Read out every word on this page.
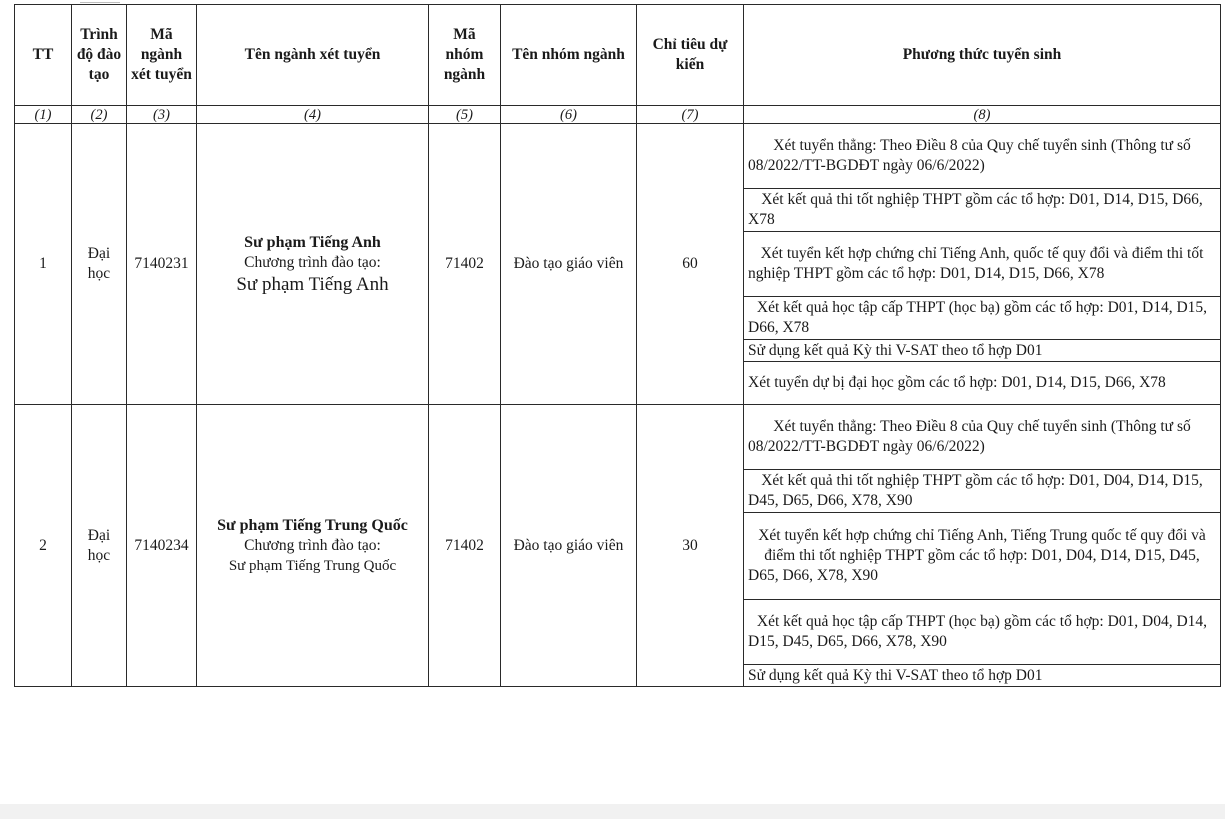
TT	Trình độ đào tạo	Mã ngành xét tuyển	Tên ngành xét tuyển	Mã nhóm ngành	Tên nhóm ngành	Chỉ tiêu dự kiến	Phương thức tuyển sinh
(1)	(2)	(3)	(4)	(5)	(6)	(7)	(8)
1	Đại học	7140231	Sư phạm Tiếng Anh
Chương trình đào tạo:
Sư phạm Tiếng Anh	71402	Đào tạo giáo viên	60	Xét tuyển thẳng: Theo Điều 8 của Quy chế tuyển sinh (Thông tư số 08/2022/TT-BGDĐT ngày 06/6/2022)
							Xét kết quả thi tốt nghiệp THPT gồm các tổ hợp: D01, D14, D15, D66, X78
							Xét tuyển kết hợp chứng chỉ Tiếng Anh, quốc tế quy đổi và điểm thi tốt nghiệp THPT gồm các tổ hợp: D01, D14, D15, D66, X78
							Xét kết quả học tập cấp THPT (học bạ) gồm các tổ hợp: D01, D14, D15, D66, X78
							Sử dụng kết quả Kỳ thi V-SAT theo tổ hợp D01
							Xét tuyển dự bị đại học gồm các tổ hợp: D01, D14, D15, D66, X78
2	Đại học	7140234	Sư phạm Tiếng Trung Quốc
Chương trình đào tạo:
Sư phạm Tiếng Trung Quốc	71402	Đào tạo giáo viên	30	Xét tuyển thẳng: Theo Điều 8 của Quy chế tuyển sinh (Thông tư số 08/2022/TT-BGDĐT ngày 06/6/2022)
							Xét kết quả thi tốt nghiệp THPT gồm các tổ hợp: D01, D04, D14, D15, D45, D65, D66, X78, X90
							Xét tuyển kết hợp chứng chỉ Tiếng Anh, Tiếng Trung quốc tế quy đổi và điểm thi tốt nghiệp THPT gồm các tổ hợp: D01, D04, D14, D15, D45, D65, D66, X78, X90
							Xét kết quả học tập cấp THPT (học bạ) gồm các tổ hợp: D01, D04, D14, D15, D45, D65, D66, X78, X90
							Sử dụng kết quả Kỳ thi V-SAT theo tổ hợp D01
